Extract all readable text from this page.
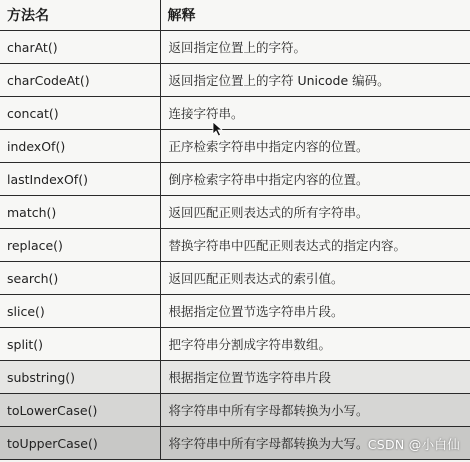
方法名	解释
charAt()	返回指定位置上的字符。
charCodeAt()	返回指定位置上的字符 Unicode 编码。
concat()	连接字符串。
indexOf()	正序检索字符串中指定内容的位置。
lastIndexOf()	倒序检索字符串中指定内容的位置。
match()	返回匹配正则表达式的所有字符串。
replace()	替换字符串中匹配正则表达式的指定内容。
search()	返回匹配正则表达式的索引值。
slice()	根据指定位置节选字符串片段。
split()	把字符串分割成字符串数组。
substring()	根据指定位置节选字符串片段
toLowerCase()	将字符串中所有字母都转换为小写。
toUpperCase()	将字符串中所有字母都转换为大写。 CSDN @小白仙
